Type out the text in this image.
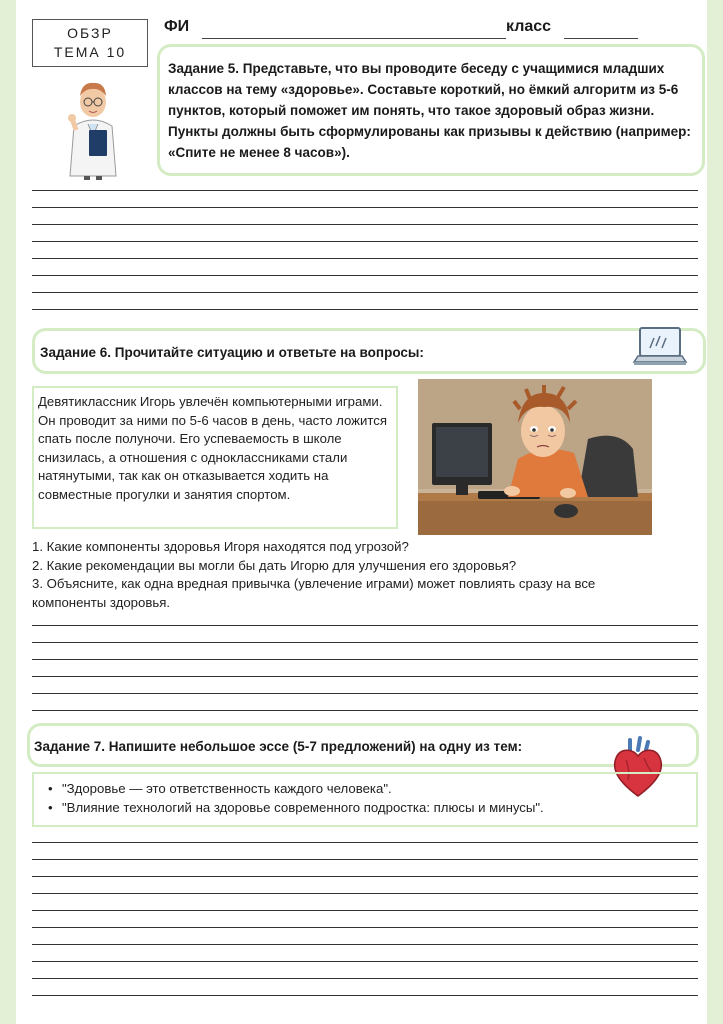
ОБЗР
ТЕМА 10
ФИ	класс

Задание 5. Представьте, что вы проводите беседу с учащимися младших классов на тему «здоровье». Составьте короткий, но ёмкий алгоритм из 5-6 пунктов, который поможет им понять, что такое здоровый образ жизни. Пункты должны быть сформулированы как призывы к действию (например: «Спите не менее 8 часов»).

Задание 6. Прочитайте ситуацию и ответьте на вопросы:
Девятиклассник Игорь увлечён компьютерными играми. Он проводит за ними по 5-6 часов в день, часто ложится спать после полуночи. Его успеваемость в школе снизилась, а отношения с одноклассниками стали натянутыми, так как он отказывается ходить на совместные прогулки и занятия спортом.
1. Какие компоненты здоровья Игоря находятся под угрозой?
2. Какие рекомендации вы могли бы дать Игорю для улучшения его здоровья?
3. Объясните, как одна вредная привычка (увлечение играми) может повлиять сразу на все компоненты здоровья.
Задание 7. Напишите небольшое эссе (5-7 предложений) на одну из тем:
• "Здоровье — это ответственность каждого человека".
• "Влияние технологий на здоровье современного подростка: плюсы и минусы".
